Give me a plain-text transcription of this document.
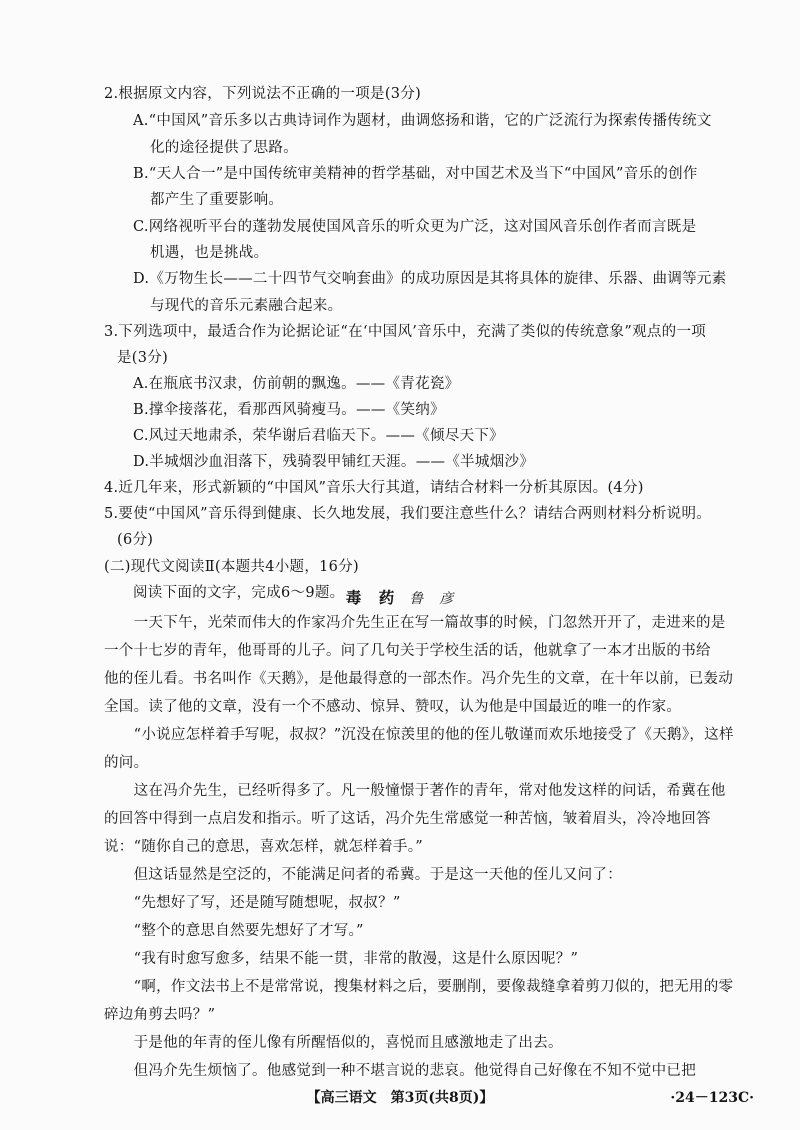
2.根据原文内容，下列说法不正确的一项是(3分)
A.“中国风”音乐多以古典诗词作为题材，曲调悠扬和谐，它的广泛流行为探索传播传统文
化的途径提供了思路。
B.“天人合一”是中国传统审美精神的哲学基础，对中国艺术及当下“中国风”音乐的创作
都产生了重要影响。
C.网络视听平台的蓬勃发展使国风音乐的听众更为广泛，这对国风音乐创作者而言既是
机遇，也是挑战。
D.《万物生长——二十四节气交响套曲》的成功原因是其将具体的旋律、乐器、曲调等元素
与现代的音乐元素融合起来。
3.下列选项中，最适合作为论据论证“在‘中国风’音乐中，充满了类似的传统意象”观点的一项
是(3分)
A.在瓶底书汉隶，仿前朝的飘逸。——《青花瓷》
B.撑伞接落花，看那西风骑瘦马。——《笑纳》
C.风过天地肃杀，荣华谢后君临天下。——《倾尽天下》
D.半城烟沙血泪落下，残骑裂甲铺红天涯。——《半城烟沙》
4.近几年来，形式新颖的“中国风”音乐大行其道，请结合材料一分析其原因。(4分)
5.要使“中国风”音乐得到健康、长久地发展，我们要注意些什么？请结合两则材料分析说明。
(6分)
(二)现代文阅读Ⅱ(本题共4小题，16分)
阅读下面的文字，完成6～9题。 毒　药 鲁　彦
　　一天下午，光荣而伟大的作家冯介先生正在写一篇故事的时候，门忽然开开了，走进来的是
一个十七岁的青年，他哥哥的儿子。问了几句关于学校生活的话，他就拿了一本才出版的书给
他的侄儿看。书名叫作《天鹅》，是他最得意的一部杰作。冯介先生的文章，在十年以前，已轰动
全国。读了他的文章，没有一个不感动、惊异、赞叹，认为他是中国最近的唯一的作家。
　　“小说应怎样着手写呢，叔叔？”沉没在惊羡里的他的侄儿敬谨而欢乐地接受了《天鹅》，这样
的问。
　　这在冯介先生，已经听得多了。凡一般憧憬于著作的青年，常对他发这样的问话，希冀在他
的回答中得到一点启发和指示。听了这话，冯介先生常感觉一种苦恼，皱着眉头，冷冷地回答
说：“随你自己的意思，喜欢怎样，就怎样着手。”
　　但这话显然是空泛的，不能满足问者的希冀。于是这一天他的侄儿又问了：
　　“先想好了写，还是随写随想呢，叔叔？”
　　“整个的意思自然要先想好了才写。”
　　“我有时愈写愈多，结果不能一贯，非常的散漫，这是什么原因呢？”
　　“啊，作文法书上不是常常说，搜集材料之后，要删削，要像裁缝拿着剪刀似的，把无用的零
碎边角剪去吗？”
　　于是他的年青的侄儿像有所醒悟似的，喜悦而且感激地走了出去。
　　但冯介先生烦恼了。他感觉到一种不堪言说的悲哀。他觉得自己好像在不知不觉中已把
【高三语文　第3页(共8页)】	·24－123C·
